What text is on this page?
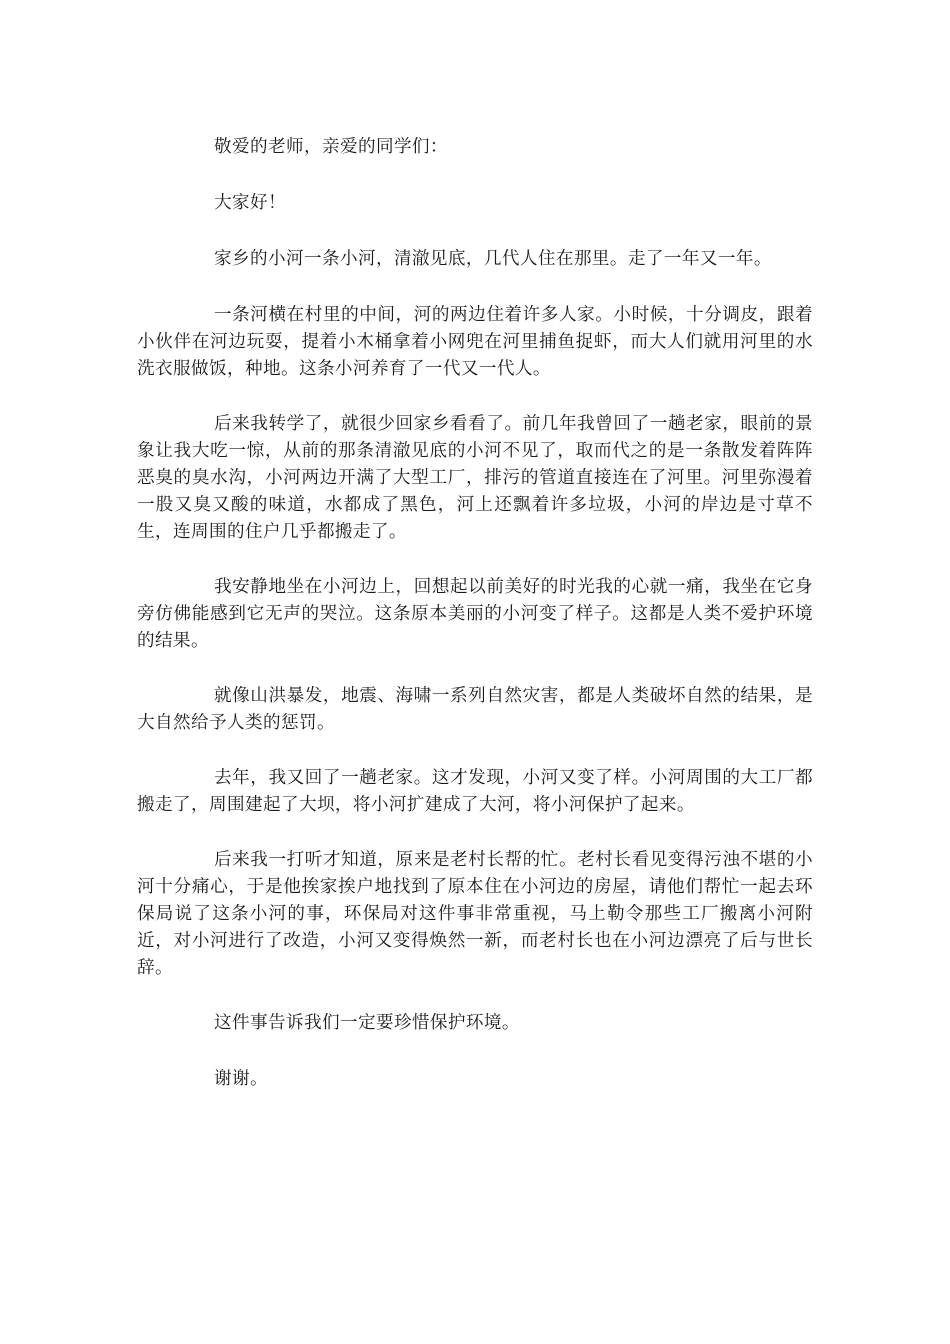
敬爱的老师，亲爱的同学们：

大家好！

家乡的小河一条小河，清澈见底，几代人住在那里。走了一年又一年。

一条河横在村里的中间，河的两边住着许多人家。小时候，十分调皮，跟着小伙伴在河边玩耍，提着小木桶拿着小网兜在河里捕鱼捉虾，而大人们就用河里的水洗衣服做饭，种地。这条小河养育了一代又一代人。

后来我转学了，就很少回家乡看看了。前几年我曾回了一趟老家，眼前的景象让我大吃一惊，从前的那条清澈见底的小河不见了，取而代之的是一条散发着阵阵恶臭的臭水沟，小河两边开满了大型工厂，排污的管道直接连在了河里。河里弥漫着一股又臭又酸的味道，水都成了黑色，河上还飘着许多垃圾，小河的岸边是寸草不生，连周围的住户几乎都搬走了。

我安静地坐在小河边上，回想起以前美好的时光我的心就一痛，我坐在它身旁仿佛能感到它无声的哭泣。这条原本美丽的小河变了样子。这都是人类不爱护环境的结果。

就像山洪暴发，地震、海啸一系列自然灾害，都是人类破坏自然的结果，是大自然给予人类的惩罚。

去年，我又回了一趟老家。这才发现，小河又变了样。小河周围的大工厂都搬走了，周围建起了大坝，将小河扩建成了大河，将小河保护了起来。

后来我一打听才知道，原来是老村长帮的忙。老村长看见变得污浊不堪的小河十分痛心，于是他挨家挨户地找到了原本住在小河边的房屋，请他们帮忙一起去环保局说了这条小河的事，环保局对这件事非常重视，马上勒令那些工厂搬离小河附近，对小河进行了改造，小河又变得焕然一新，而老村长也在小河边漂亮了后与世长辞。

这件事告诉我们一定要珍惜保护环境。

谢谢。
